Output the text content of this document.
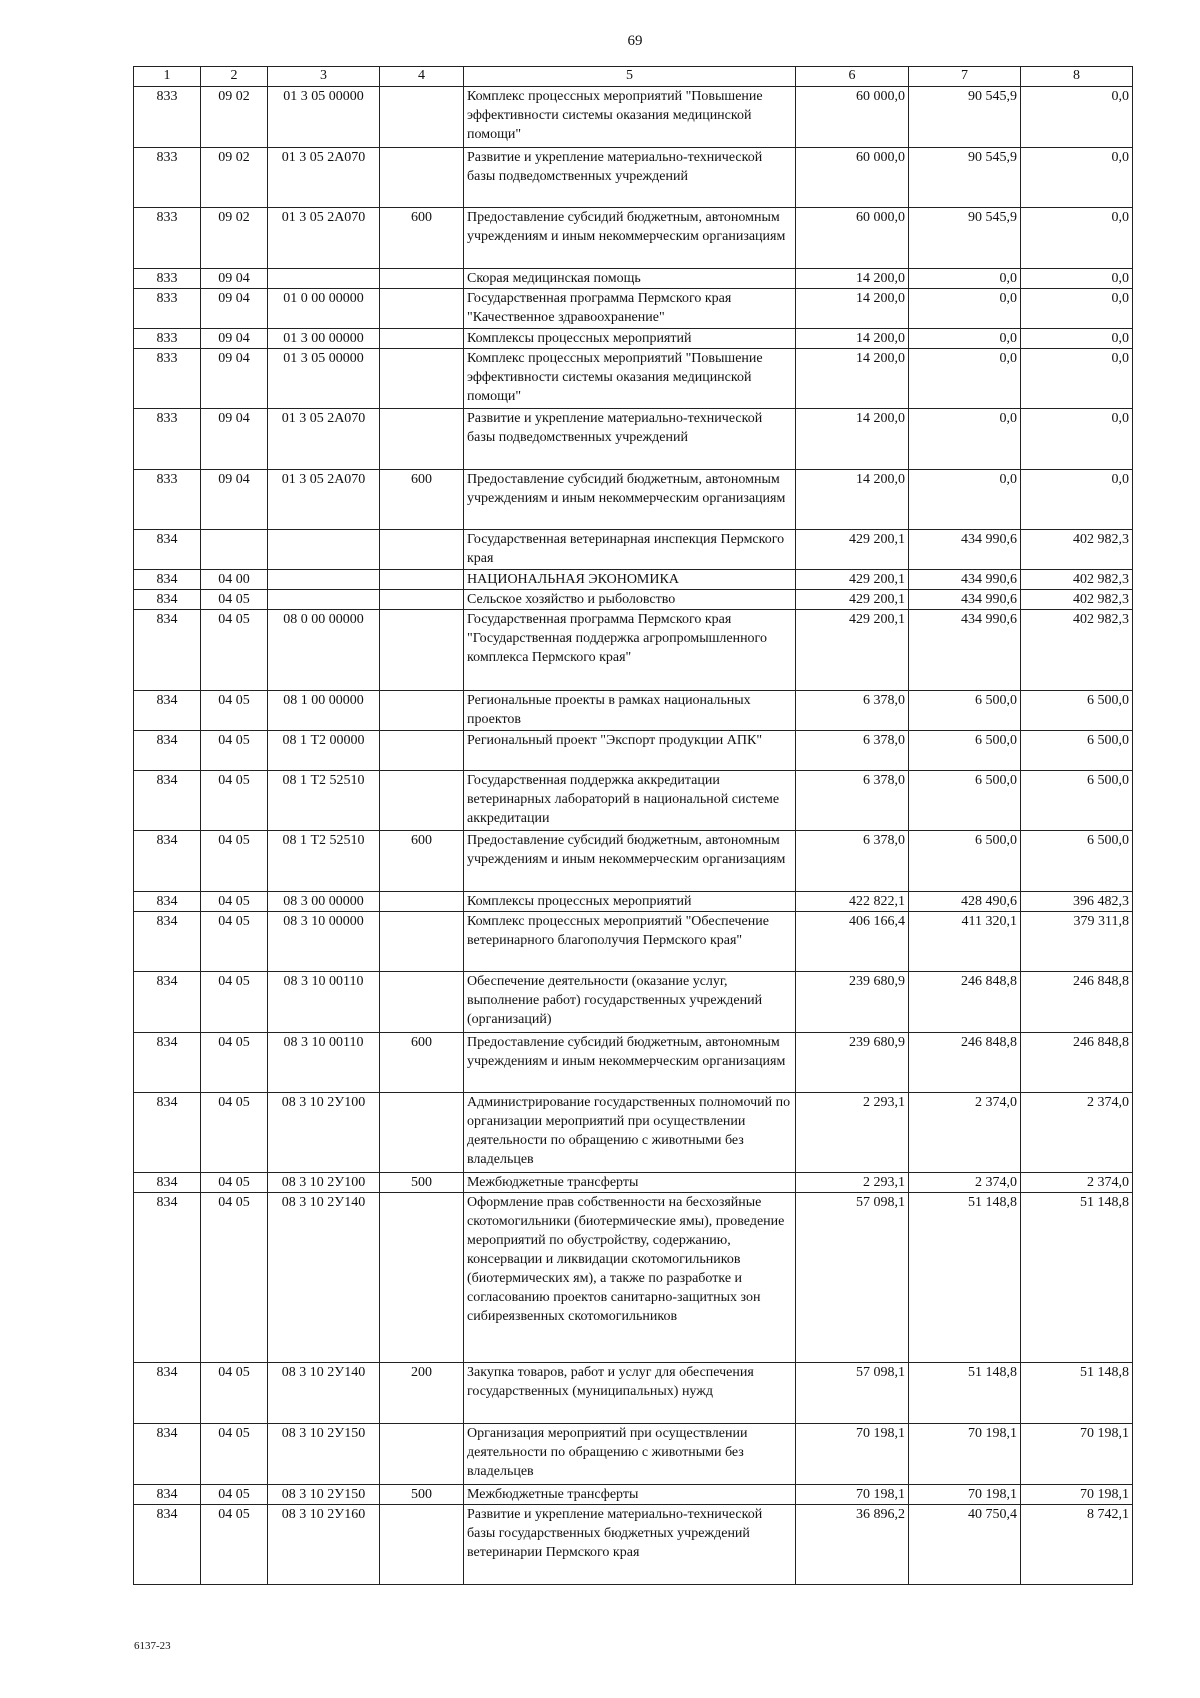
69
1	2	3	4	5	6	7	8
833	09 02	01 3 05 00000		Комплекс процессных мероприятий "Повышение эффективности системы оказания медицинской помощи"	60 000,0	90 545,9	0,0
833	09 02	01 3 05 2А070		Развитие и укрепление материально-технической базы подведомственных учреждений	60 000,0	90 545,9	0,0
833	09 02	01 3 05 2А070	600	Предоставление субсидий бюджетным, автономным учреждениям и иным некоммерческим организациям	60 000,0	90 545,9	0,0
833	09 04			Скорая медицинская помощь	14 200,0	0,0	0,0
833	09 04	01 0 00 00000		Государственная программа Пермского края "Качественное здравоохранение"	14 200,0	0,0	0,0
833	09 04	01 3 00 00000		Комплексы процессных мероприятий	14 200,0	0,0	0,0
833	09 04	01 3 05 00000		Комплекс процессных мероприятий "Повышение эффективности системы оказания медицинской помощи"	14 200,0	0,0	0,0
833	09 04	01 3 05 2А070		Развитие и укрепление материально-технической базы подведомственных учреждений	14 200,0	0,0	0,0
833	09 04	01 3 05 2А070	600	Предоставление субсидий бюджетным, автономным учреждениям и иным некоммерческим организациям	14 200,0	0,0	0,0
834				Государственная ветеринарная инспекция Пермского края	429 200,1	434 990,6	402 982,3
834	04 00			НАЦИОНАЛЬНАЯ ЭКОНОМИКА	429 200,1	434 990,6	402 982,3
834	04 05			Сельское хозяйство и рыболовство	429 200,1	434 990,6	402 982,3
834	04 05	08 0 00 00000		Государственная программа Пермского края "Государственная поддержка агропромышленного комплекса Пермского края"	429 200,1	434 990,6	402 982,3
834	04 05	08 1 00 00000		Региональные проекты в рамках национальных проектов	6 378,0	6 500,0	6 500,0
834	04 05	08 1 Т2 00000		Региональный проект "Экспорт продукции АПК"	6 378,0	6 500,0	6 500,0
834	04 05	08 1 Т2 52510		Государственная поддержка аккредитации ветеринарных лабораторий в национальной системе аккредитации	6 378,0	6 500,0	6 500,0
834	04 05	08 1 Т2 52510	600	Предоставление субсидий бюджетным, автономным учреждениям и иным некоммерческим организациям	6 378,0	6 500,0	6 500,0
834	04 05	08 3 00 00000		Комплексы процессных мероприятий	422 822,1	428 490,6	396 482,3
834	04 05	08 3 10 00000		Комплекс процессных мероприятий "Обеспечение ветеринарного благополучия Пермского края"	406 166,4	411 320,1	379 311,8
834	04 05	08 3 10 00110		Обеспечение деятельности (оказание услуг, выполнение работ) государственных учреждений (организаций)	239 680,9	246 848,8	246 848,8
834	04 05	08 3 10 00110	600	Предоставление субсидий бюджетным, автономным учреждениям и иным некоммерческим организациям	239 680,9	246 848,8	246 848,8
834	04 05	08 3 10 2У100		Администрирование государственных полномочий по организации мероприятий при осуществлении деятельности по обращению с животными без владельцев	2 293,1	2 374,0	2 374,0
834	04 05	08 3 10 2У100	500	Межбюджетные трансферты	2 293,1	2 374,0	2 374,0
834	04 05	08 3 10 2У140		Оформление прав собственности на бесхозяйные скотомогильники (биотермические ямы), проведение мероприятий по обустройству, содержанию, консервации и ликвидации скотомогильников (биотермических ям), а также по разработке и согласованию проектов санитарно-защитных зон сибиреязвенных скотомогильников	57 098,1	51 148,8	51 148,8
834	04 05	08 3 10 2У140	200	Закупка товаров, работ и услуг для обеспечения государственных (муниципальных) нужд	57 098,1	51 148,8	51 148,8
834	04 05	08 3 10 2У150		Организация мероприятий при осуществлении деятельности по обращению с животными без владельцев	70 198,1	70 198,1	70 198,1
834	04 05	08 3 10 2У150	500	Межбюджетные трансферты	70 198,1	70 198,1	70 198,1
834	04 05	08 3 10 2У160		Развитие и укрепление материально-технической базы государственных бюджетных учреждений ветеринарии Пермского края	36 896,2	40 750,4	8 742,1
6137-23
